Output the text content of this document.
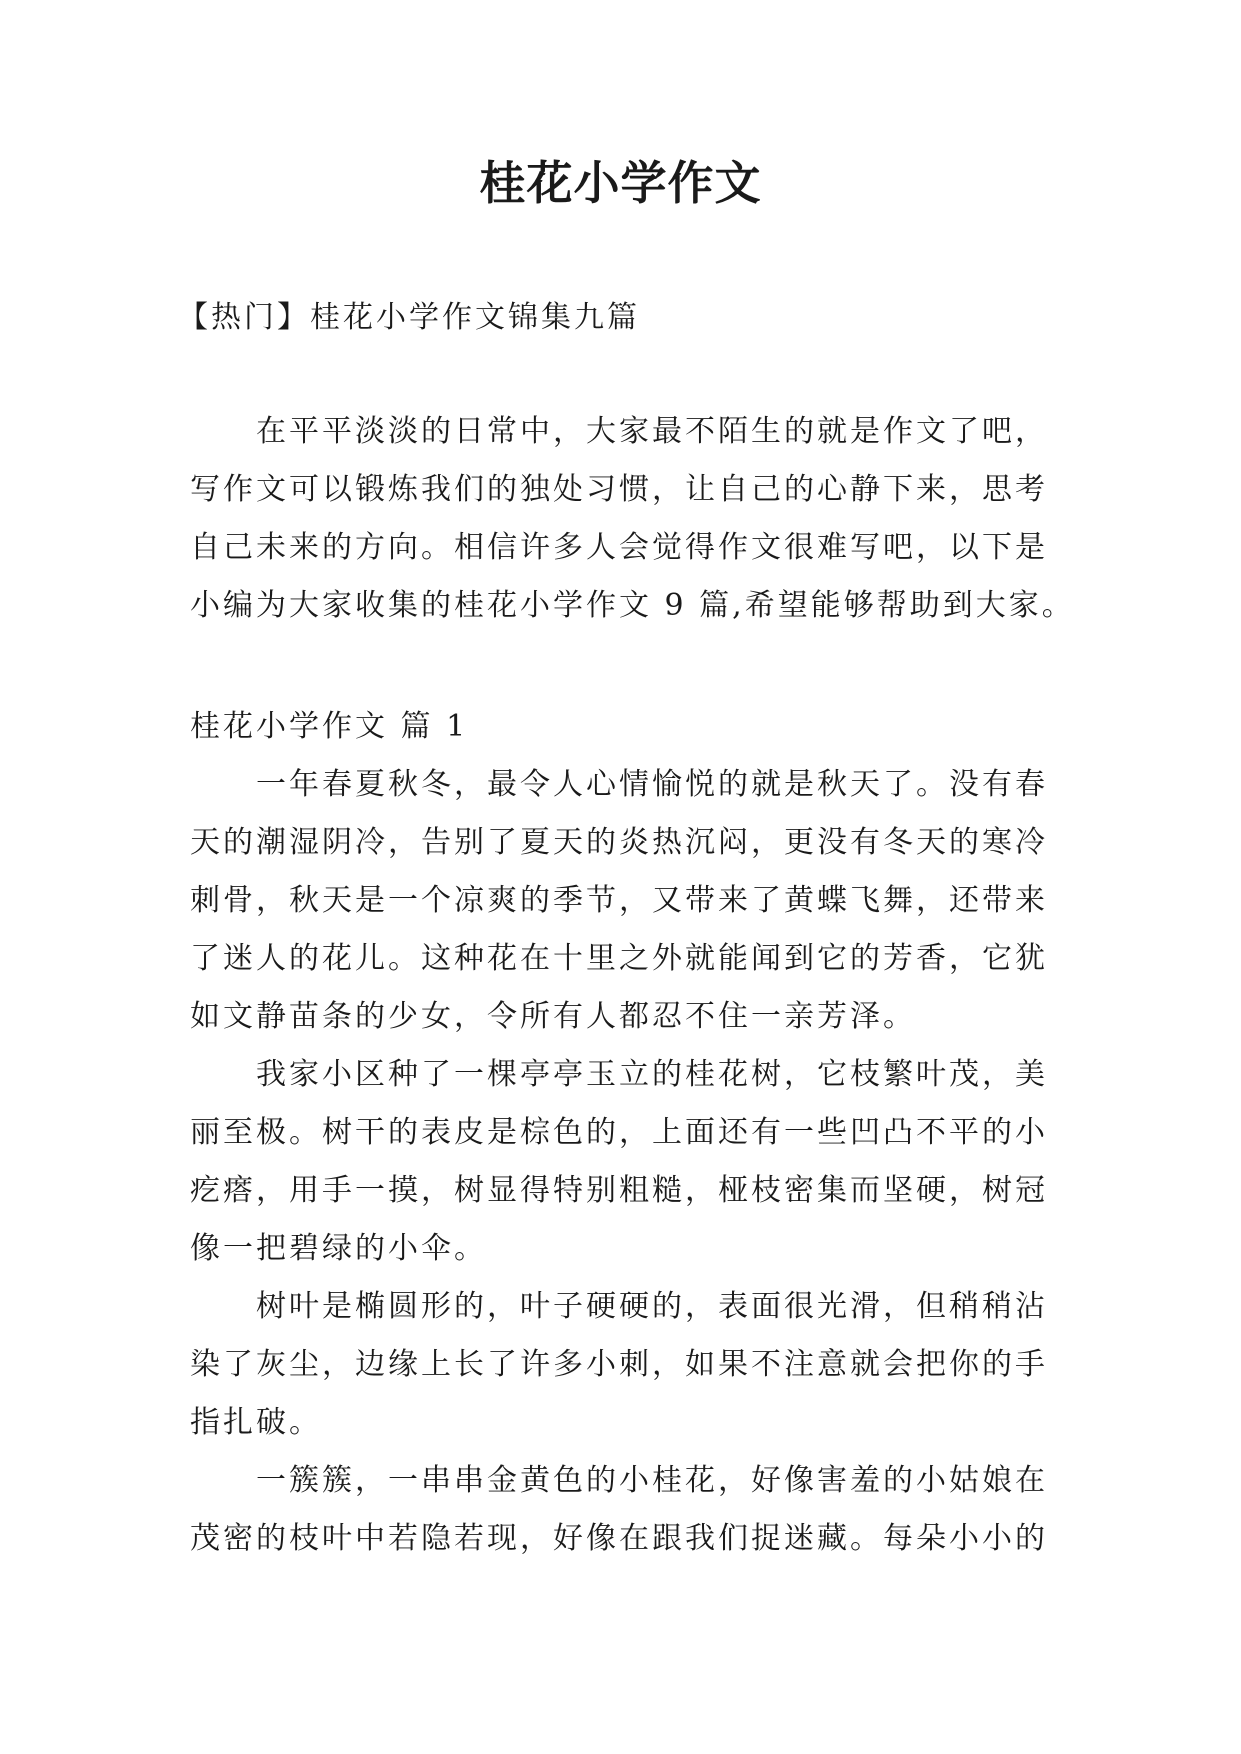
桂花小学作文
【热门】桂花小学作文锦集九篇
　　在平平淡淡的日常中，大家最不陌生的就是作文了吧，
写作文可以锻炼我们的独处习惯，让自己的心静下来，思考
自己未来的方向。相信许多人会觉得作文很难写吧，以下是
小编为大家收集的桂花小学作文 9 篇,希望能够帮助到大家。
桂花小学作文 篇 1
　　一年春夏秋冬，最令人心情愉悦的就是秋天了。没有春
天的潮湿阴冷，告别了夏天的炎热沉闷，更没有冬天的寒冷
刺骨，秋天是一个凉爽的季节，又带来了黄蝶飞舞，还带来
了迷人的花儿。这种花在十里之外就能闻到它的芳香，它犹
如文静苗条的少女，令所有人都忍不住一亲芳泽。
　　我家小区种了一棵亭亭玉立的桂花树，它枝繁叶茂，美
丽至极。树干的表皮是棕色的，上面还有一些凹凸不平的小
疙瘩，用手一摸，树显得特别粗糙，桠枝密集而坚硬，树冠
像一把碧绿的小伞。
　　树叶是椭圆形的，叶子硬硬的，表面很光滑，但稍稍沾
染了灰尘，边缘上长了许多小刺，如果不注意就会把你的手
指扎破。
　　一簇簇，一串串金黄色的小桂花，好像害羞的小姑娘在
茂密的枝叶中若隐若现，好像在跟我们捉迷藏。每朵小小的
